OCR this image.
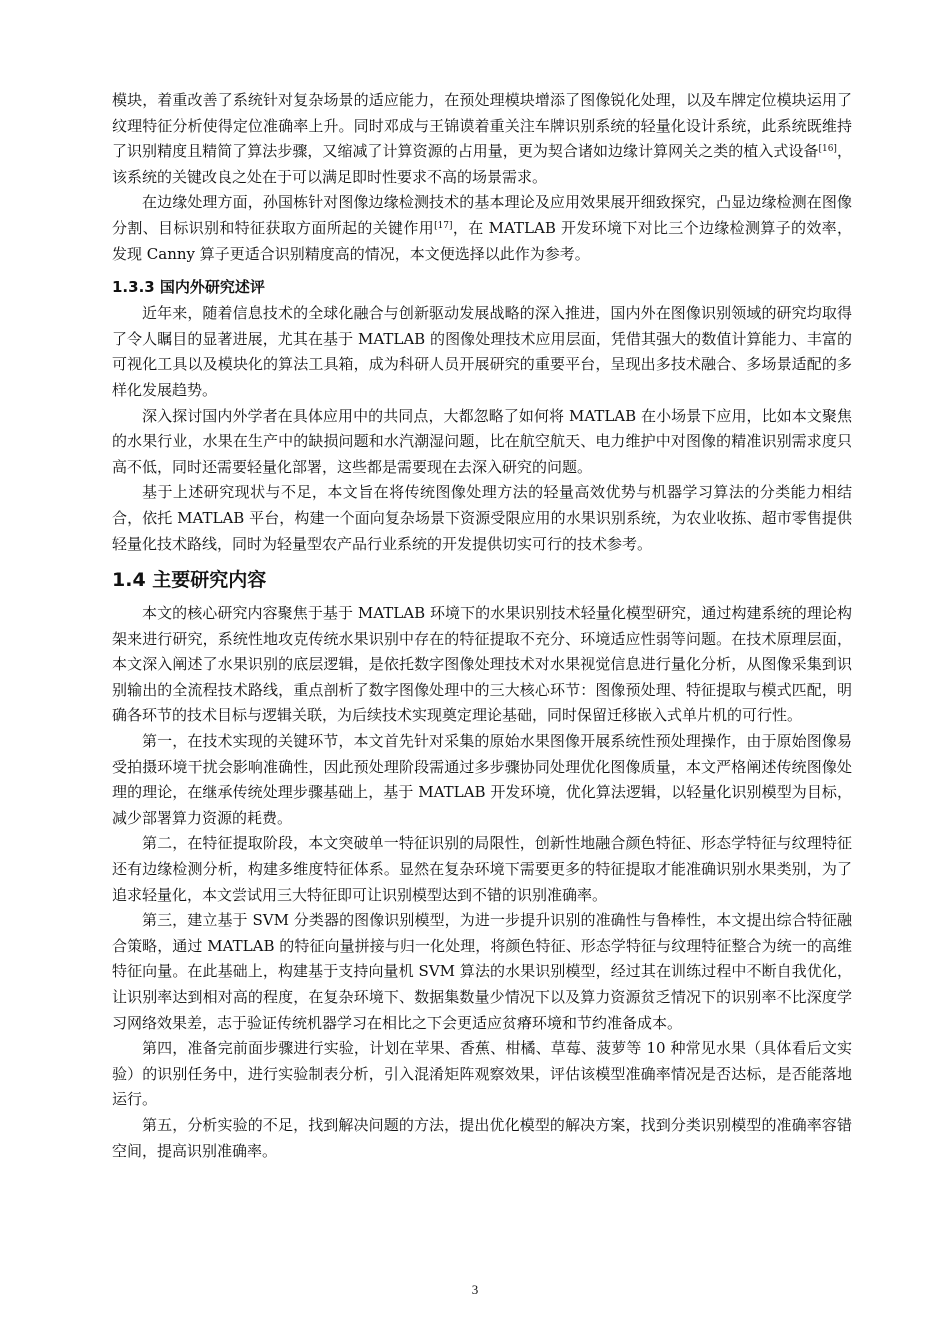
模块，着重改善了系统针对复杂场景的适应能力，在预处理模块增添了图像锐化处理，以及车牌定位模块运用了纹理特征分析使得定位准确率上升。同时邓成与王锦谟着重关注车牌识别系统的轻量化设计系统，此系统既维持了识别精度且精简了算法步骤，又缩减了计算资源的占用量，更为契合诸如边缘计算网关之类的植入式设备[16]，该系统的关键改良之处在于可以满足即时性要求不高的场景需求。

在边缘处理方面，孙国栋针对图像边缘检测技术的基本理论及应用效果展开细致探究，凸显边缘检测在图像分割、目标识别和特征获取方面所起的关键作用[17]，在 MATLAB 开发环境下对比三个边缘检测算子的效率，发现 Canny 算子更适合识别精度高的情况，本文便选择以此作为参考。

1.3.3 国内外研究述评

近年来，随着信息技术的全球化融合与创新驱动发展战略的深入推进，国内外在图像识别领域的研究均取得了令人瞩目的显著进展，尤其在基于 MATLAB 的图像处理技术应用层面，凭借其强大的数值计算能力、丰富的可视化工具以及模块化的算法工具箱，成为科研人员开展研究的重要平台，呈现出多技术融合、多场景适配的多样化发展趋势。

深入探讨国内外学者在具体应用中的共同点，大都忽略了如何将 MATLAB 在小场景下应用，比如本文聚焦的水果行业，水果在生产中的缺损问题和水汽潮湿问题，比在航空航天、电力维护中对图像的精准识别需求度只高不低，同时还需要轻量化部署，这些都是需要现在去深入研究的问题。

基于上述研究现状与不足，本文旨在将传统图像处理方法的轻量高效优势与机器学习算法的分类能力相结合，依托 MATLAB 平台，构建一个面向复杂场景下资源受限应用的水果识别系统，为农业收拣、超市零售提供轻量化技术路线，同时为轻量型农产品行业系统的开发提供切实可行的技术参考。

1.4 主要研究内容

本文的核心研究内容聚焦于基于 MATLAB 环境下的水果识别技术轻量化模型研究，通过构建系统的理论构架来进行研究，系统性地攻克传统水果识别中存在的特征提取不充分、环境适应性弱等问题。在技术原理层面，本文深入阐述了水果识别的底层逻辑，是依托数字图像处理技术对水果视觉信息进行量化分析，从图像采集到识别输出的全流程技术路线，重点剖析了数字图像处理中的三大核心环节：图像预处理、特征提取与模式匹配，明确各环节的技术目标与逻辑关联，为后续技术实现奠定理论基础，同时保留迁移嵌入式单片机的可行性。

第一，在技术实现的关键环节，本文首先针对采集的原始水果图像开展系统性预处理操作，由于原始图像易受拍摄环境干扰会影响准确性，因此预处理阶段需通过多步骤协同处理优化图像质量，本文严格阐述传统图像处理的理论，在继承传统处理步骤基础上，基于 MATLAB 开发环境，优化算法逻辑，以轻量化识别模型为目标，减少部署算力资源的耗费。

第二，在特征提取阶段，本文突破单一特征识别的局限性，创新性地融合颜色特征、形态学特征与纹理特征还有边缘检测分析，构建多维度特征体系。显然在复杂环境下需要更多的特征提取才能准确识别水果类别，为了追求轻量化，本文尝试用三大特征即可让识别模型达到不错的识别准确率。

第三，建立基于 SVM 分类器的图像识别模型，为进一步提升识别的准确性与鲁棒性，本文提出综合特征融合策略，通过 MATLAB 的特征向量拼接与归一化处理，将颜色特征、形态学特征与纹理特征整合为统一的高维特征向量。在此基础上，构建基于支持向量机 SVM 算法的水果识别模型，经过其在训练过程中不断自我优化，让识别率达到相对高的程度，在复杂环境下、数据集数量少情况下以及算力资源贫乏情况下的识别率不比深度学习网络效果差，志于验证传统机器学习在相比之下会更适应贫瘠环境和节约准备成本。

第四，准备完前面步骤进行实验，计划在苹果、香蕉、柑橘、草莓、菠萝等 10 种常见水果（具体看后文实验）的识别任务中，进行实验制表分析，引入混淆矩阵观察效果，评估该模型准确率情况是否达标，是否能落地运行。

第五，分析实验的不足，找到解决问题的方法，提出优化模型的解决方案，找到分类识别模型的准确率容错空间，提高识别准确率。

3
